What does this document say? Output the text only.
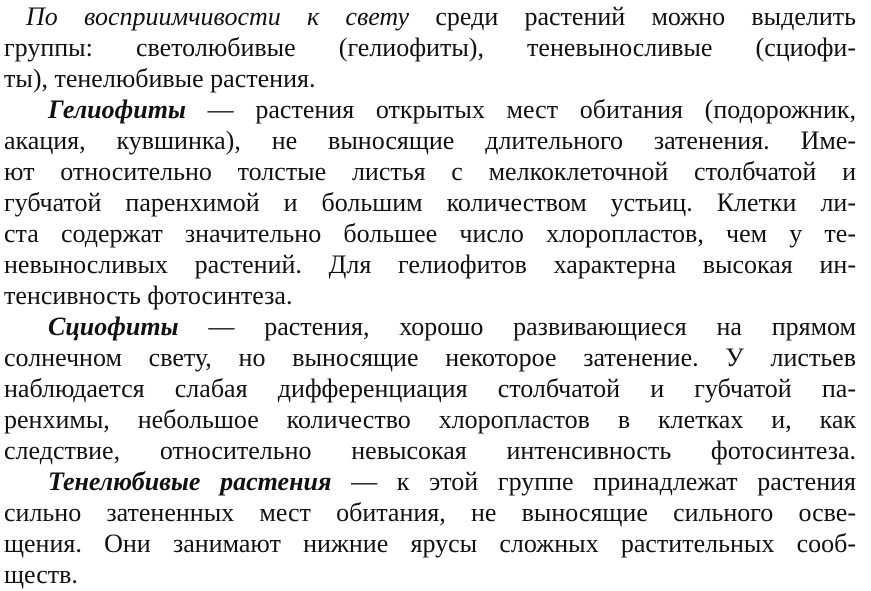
По восприимчивости к свету среди растений можно выделить
группы: светолюбивые (гелиофиты), теневыносливые (сциофи-
ты), тенелюбивые растения.
Гелиофиты — растения открытых мест обитания (подорожник,
акация, кувшинка), не выносящие длительного затенения. Име-
ют относительно толстые листья с мелкоклеточной столбчатой и
губчатой паренхимой и большим количеством устьиц. Клетки ли-
ста содержат значительно большее число хлоропластов, чем у те-
невыносливых растений. Для гелиофитов характерна высокая ин-
тенсивность фотосинтеза.
Сциофиты — растения, хорошо развивающиеся на прямом
солнечном свету, но выносящие некоторое затенение. У листьев
наблюдается слабая дифференциация столбчатой и губчатой па-
ренхимы, небольшое количество хлоропластов в клетках и, как
следствие, относительно невысокая интенсивность фотосинтеза.
Тенелюбивые растения — к этой группе принадлежат растения
сильно затененных мест обитания, не выносящие сильного осве-
щения. Они занимают нижние ярусы сложных растительных сооб-
ществ.
